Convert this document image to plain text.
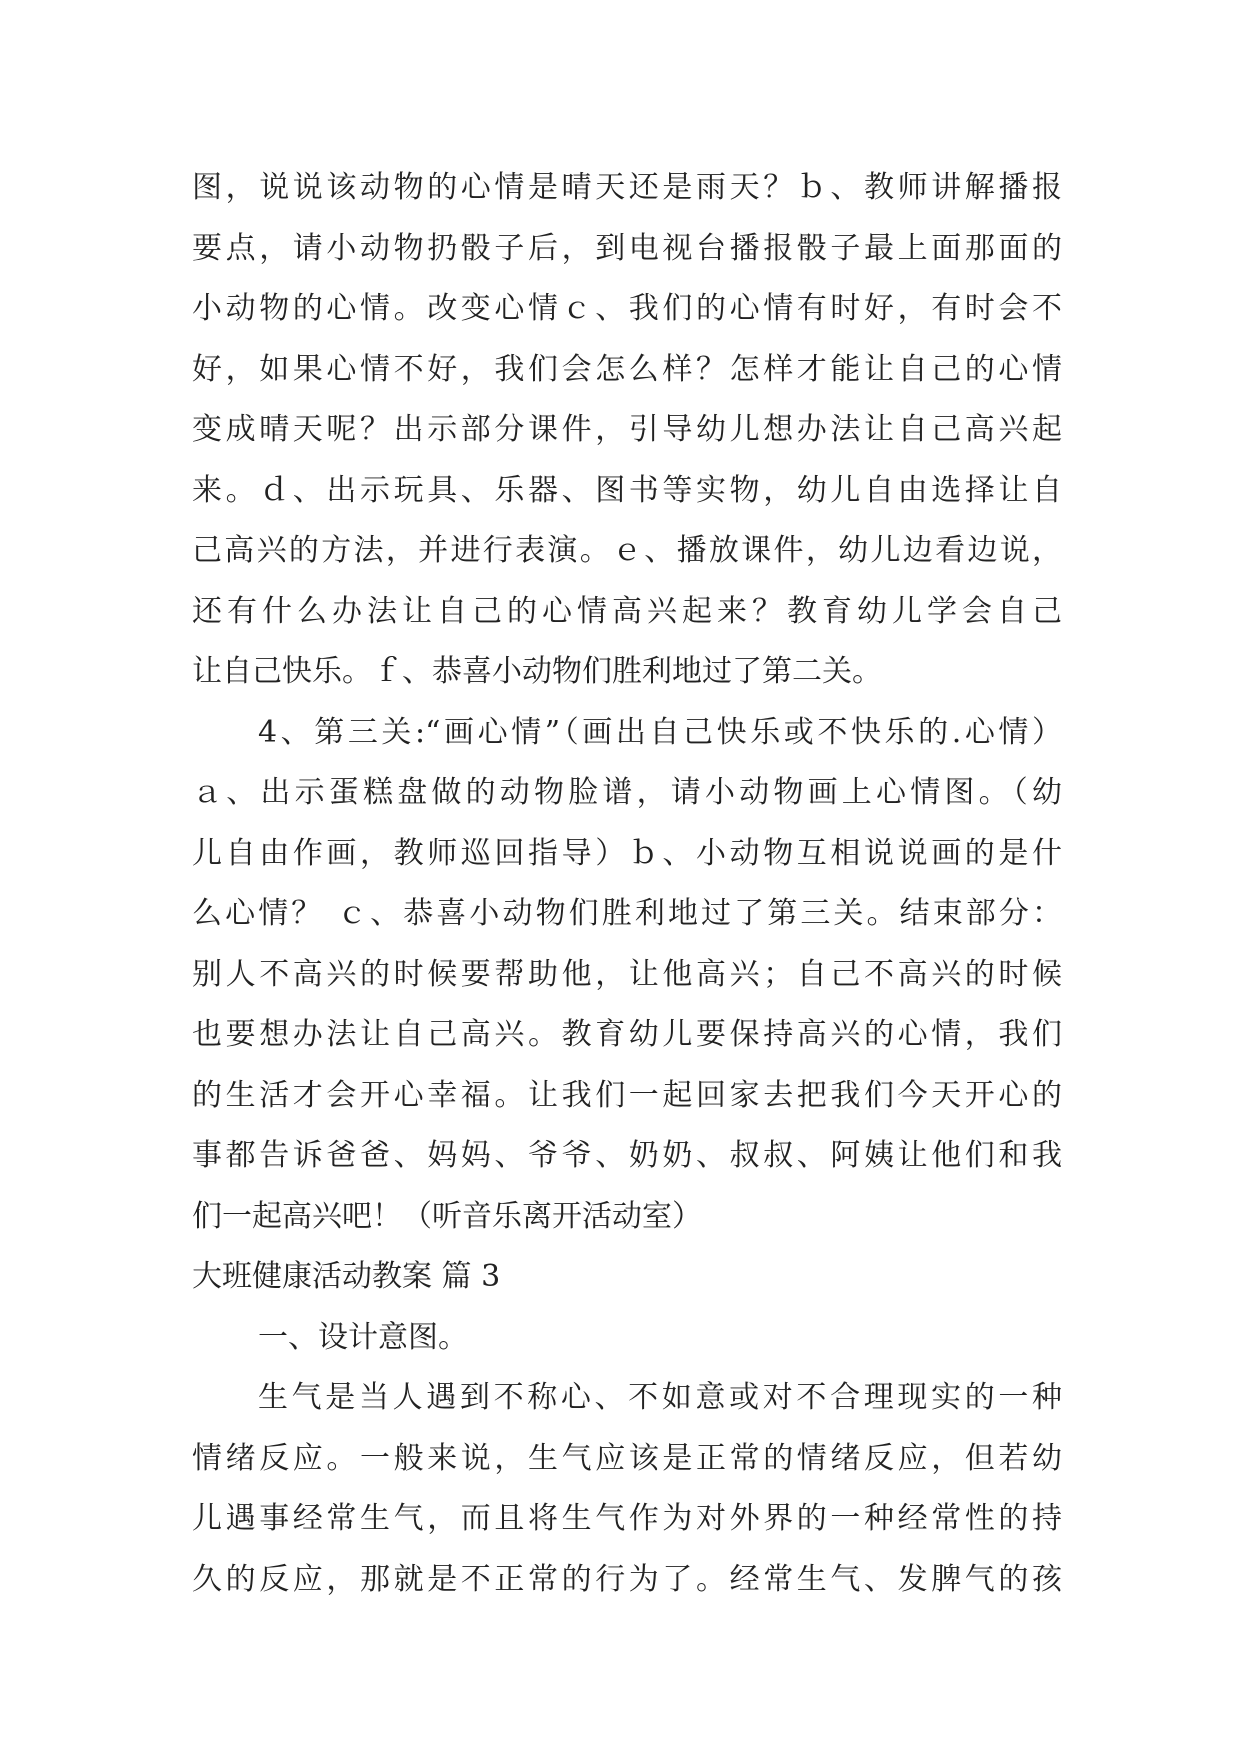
图，说说该动物的心情是晴天还是雨天？ｂ、教师讲解播报
要点，请小动物扔骰子后，到电视台播报骰子最上面那面的
小动物的心情。改变心情ｃ、我们的心情有时好，有时会不
好，如果心情不好，我们会怎么样？怎样才能让自己的心情
变成晴天呢？出示部分课件，引导幼儿想办法让自己高兴起
来。ｄ、出示玩具、乐器、图书等实物，幼儿自由选择让自
己高兴的方法，并进行表演。ｅ、播放课件，幼儿边看边说，
还有什么办法让自己的心情高兴起来？教育幼儿学会自己
让自己快乐。ｆ、恭喜小动物们胜利地过了第二关。
4、第三关:“画心情”（画出自己快乐或不快乐的.心情）
ａ、出示蛋糕盘做的动物脸谱，请小动物画上心情图。（幼
儿自由作画，教师巡回指导）ｂ、小动物互相说说画的是什
么心情？ ｃ、恭喜小动物们胜利地过了第三关。结束部分：
别人不高兴的时候要帮助他，让他高兴；自己不高兴的时候
也要想办法让自己高兴。教育幼儿要保持高兴的心情，我们
的生活才会开心幸福。让我们一起回家去把我们今天开心的
事都告诉爸爸、妈妈、爷爷、奶奶、叔叔、阿姨让他们和我
们一起高兴吧！（听音乐离开活动室）
大班健康活动教案 篇 3
一、设计意图。
生气是当人遇到不称心、不如意或对不合理现实的一种
情绪反应。一般来说，生气应该是正常的情绪反应，但若幼
儿遇事经常生气，而且将生气作为对外界的一种经常性的持
久的反应，那就是不正常的行为了。经常生气、发脾气的孩
